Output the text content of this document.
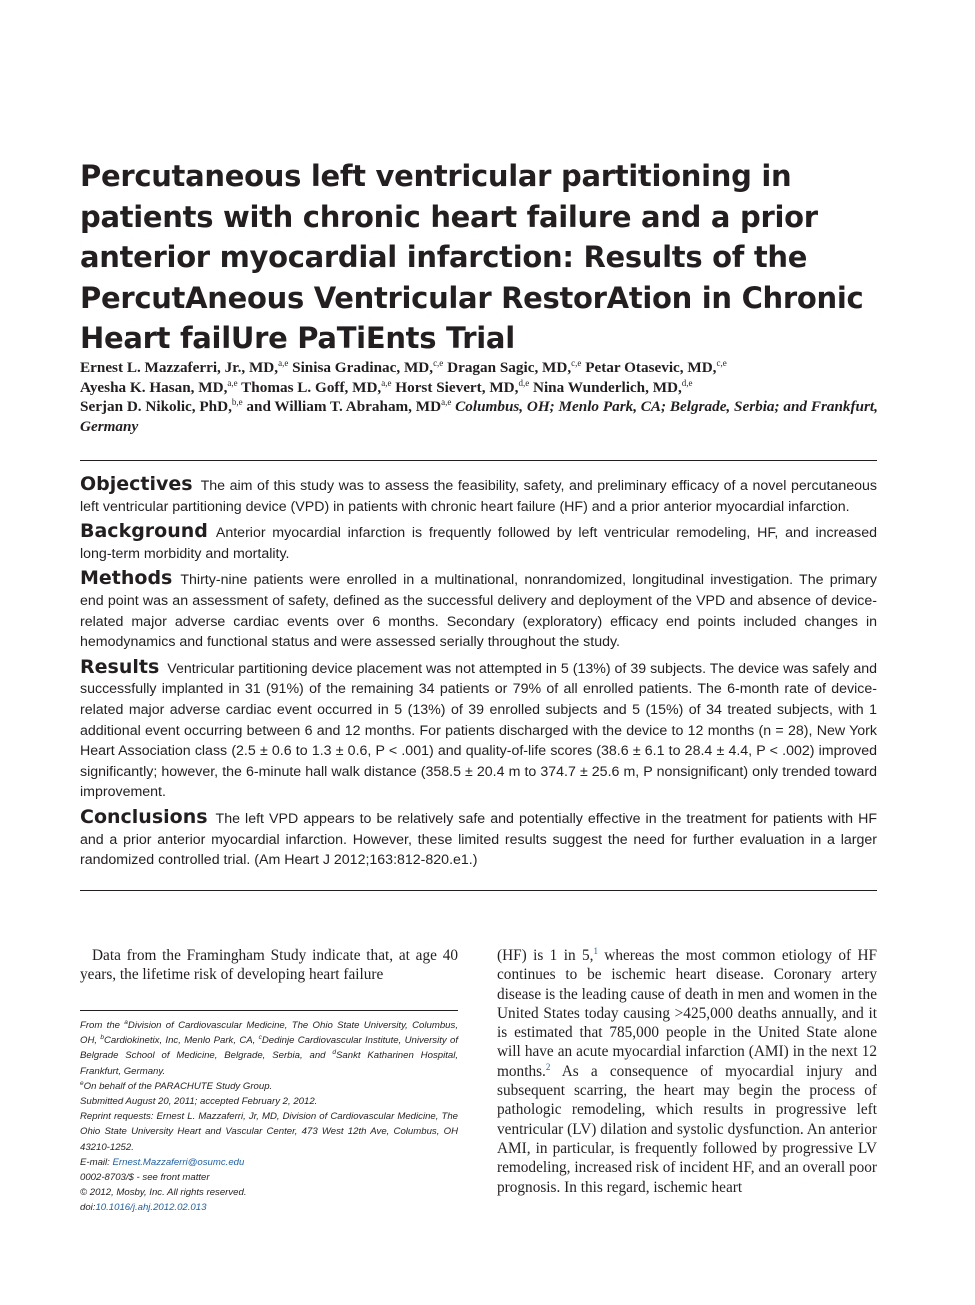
Percutaneous left ventricular partitioning in patients with chronic heart failure and a prior anterior myocardial infarction: Results of the PercutAneous Ventricular RestorAtion in Chronic Heart failUre PaTiEnts Trial
Ernest L. Mazzaferri, Jr., MD,$^{a,e}$ Sinisa Gradinac, MD,$^{c,e}$ Dragan Sagic, MD,$^{c,e}$ Petar Otasevic, MD,$^{c,e}$
Ayesha K. Hasan, MD,$^{a,e}$ Thomas L. Goff, MD,$^{a,e}$ Horst Sievert, MD,$^{d,e}$ Nina Wunderlich, MD,$^{d,e}$
Serjan D. Nikolic, PhD,$^{b,e}$ and William T. Abraham, MD$^{a,e}$ Columbus, OH; Menlo Park, CA; Belgrade, Serbia; and Frankfurt, Germany

Objectives The aim of this study was to assess the feasibility, safety, and preliminary efficacy of a novel percutaneous left ventricular partitioning device (VPD) in patients with chronic heart failure (HF) and a prior anterior myocardial infarction.

Background Anterior myocardial infarction is frequently followed by left ventricular remodeling, HF, and increased long-term morbidity and mortality.

Methods Thirty-nine patients were enrolled in a multinational, nonrandomized, longitudinal investigation. The primary end point was an assessment of safety, defined as the successful delivery and deployment of the VPD and absence of device-related major adverse cardiac events over 6 months. Secondary (exploratory) efficacy end points included changes in hemodynamics and functional status and were assessed serially throughout the study.

Results Ventricular partitioning device placement was not attempted in 5 (13%) of 39 subjects. The device was safely and successfully implanted in 31 (91%) of the remaining 34 patients or 79% of all enrolled patients. The 6-month rate of device-related major adverse cardiac event occurred in 5 (13%) of 39 enrolled subjects and 5 (15%) of 34 treated subjects, with 1 additional event occurring between 6 and 12 months. For patients discharged with the device to 12 months (n = 28), New York Heart Association class (2.5 ± 0.6 to 1.3 ± 0.6, P < .001) and quality-of-life scores (38.6 ± 6.1 to 28.4 ± 4.4, P < .002) improved significantly; however, the 6-minute hall walk distance (358.5 ± 20.4 m to 374.7 ± 25.6 m, P nonsignificant) only trended toward improvement.

Conclusions The left VPD appears to be relatively safe and potentially effective in the treatment for patients with HF and a prior anterior myocardial infarction. However, these limited results suggest the need for further evaluation in a larger randomized controlled trial. (Am Heart J 2012;163:812-820.e1.)

Data from the Framingham Study indicate that, at age 40 years, the lifetime risk of developing heart failure

From the $^a$Division of Cardiovascular Medicine, The Ohio State University, Columbus, OH, $^b$Cardiokinetix, Inc, Menlo Park, CA, $^c$Dedinje Cardiovascular Institute, University of Belgrade School of Medicine, Belgrade, Serbia, and $^d$Sankt Katharinen Hospital, Frankfurt, Germany.
$^e$On behalf of the PARACHUTE Study Group.
Submitted August 20, 2011; accepted February 2, 2012.
Reprint requests: Ernest L. Mazzaferri, Jr, MD, Division of Cardiovascular Medicine, The Ohio State University Heart and Vascular Center, 473 West 12th Ave, Columbus, OH 43210-1252.
E-mail: Ernest.Mazzaferri@osumc.edu
0002-8703/$ - see front matter
© 2012, Mosby, Inc. All rights reserved.
doi:10.1016/j.ahj.2012.02.013

(HF) is 1 in 5,$^1$ whereas the most common etiology of HF continues to be ischemic heart disease. Coronary artery disease is the leading cause of death in men and women in the United States today causing >425,000 deaths annually, and it is estimated that 785,000 people in the United State alone will have an acute myocardial infarction (AMI) in the next 12 months.$^2$ As a consequence of myocardial injury and subsequent scarring, the heart may begin the process of pathologic remodeling, which results in progressive left ventricular (LV) dilation and systolic dysfunction. An anterior AMI, in particular, is frequently followed by progressive LV remodeling, increased risk of incident HF, and an overall poor prognosis. In this regard, ischemic heart
